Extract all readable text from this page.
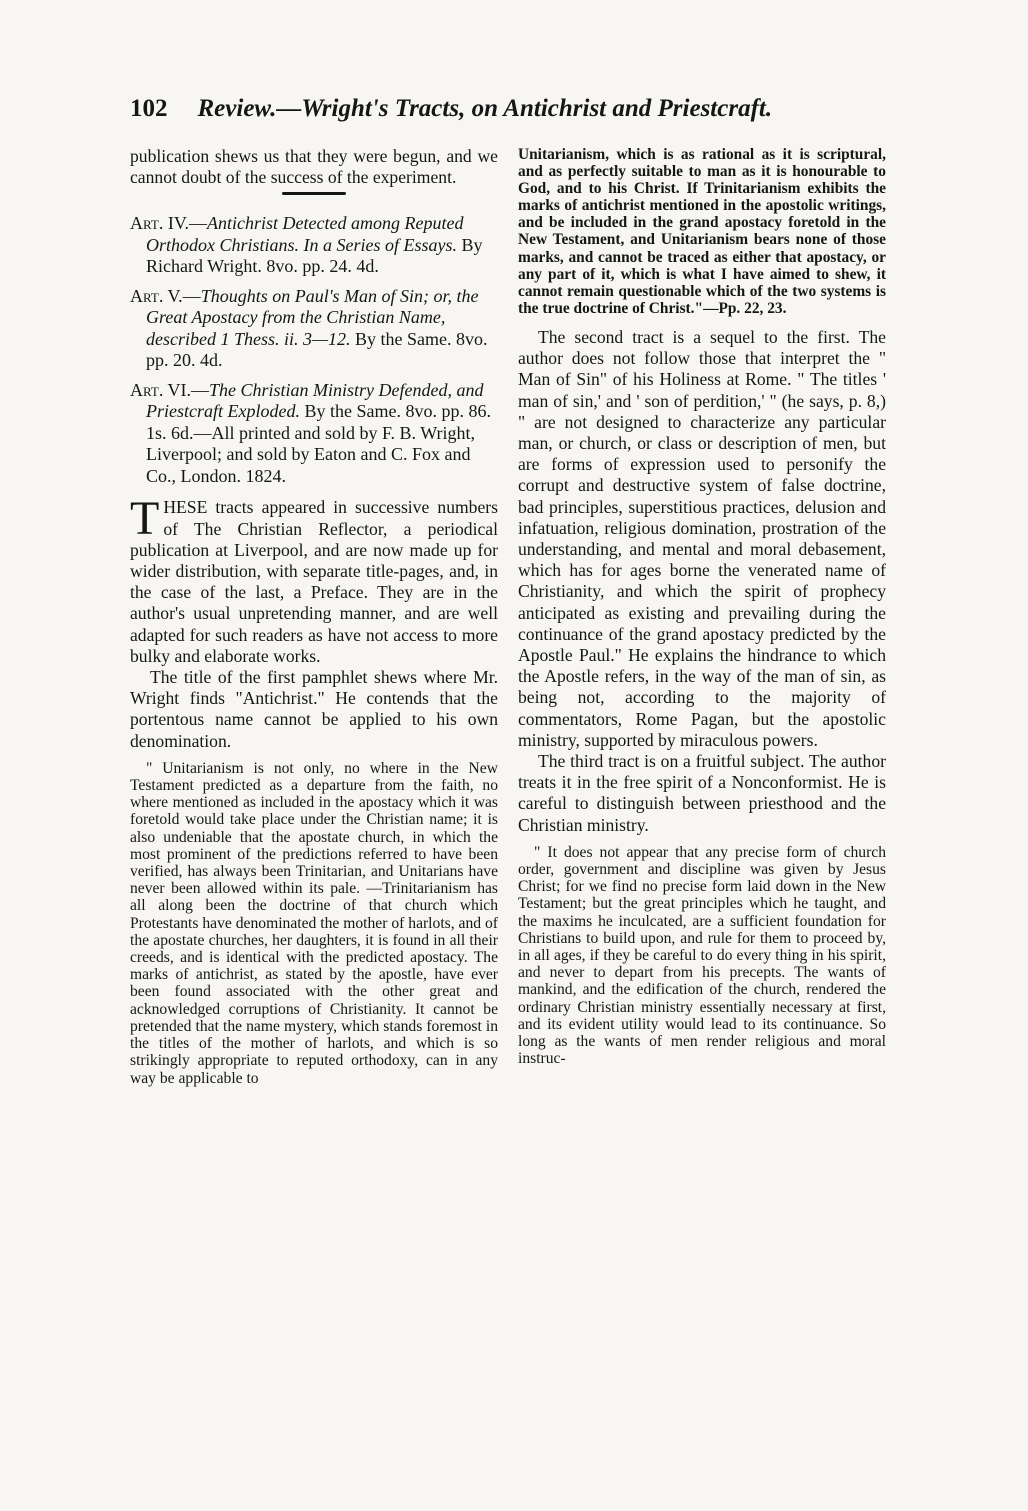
102 Review.—Wright's Tracts, on Antichrist and Priestcraft.

publication shews us that they were begun, and we cannot doubt of the success of the experiment.

Art. IV.—Antichrist Detected among Reputed Orthodox Christians. In a Series of Essays. By Richard Wright. 8vo. pp. 24. 4d.

Art. V.—Thoughts on Paul's Man of Sin; or, the Great Apostacy from the Christian Name, described 1 Thess. ii. 3—12. By the Same. 8vo. pp. 20. 4d.

Art. VI.—The Christian Ministry Defended, and Priestcraft Exploded. By the Same. 8vo. pp. 86. 1s. 6d.—All printed and sold by F. B. Wright, Liverpool; and sold by Eaton and C. Fox and Co., London. 1824.

THESE tracts appeared in successive numbers of The Christian Reflector, a periodical publication at Liverpool, and are now made up for wider distribution, with separate title-pages, and, in the case of the last, a Preface. They are in the author's usual unpretending manner, and are well adapted for such readers as have not access to more bulky and elaborate works.

The title of the first pamphlet shews where Mr. Wright finds "Antichrist." He contends that the portentous name cannot be applied to his own denomination.

" Unitarianism is not only, no where in the New Testament predicted as a departure from the faith, no where mentioned as included in the apostacy which it was foretold would take place under the Christian name; it is also undeniable that the apostate church, in which the most prominent of the predictions referred to have been verified, has always been Trinitarian, and Unitarians have never been allowed within its pale. —Trinitarianism has all along been the doctrine of that church which Protestants have denominated the mother of harlots, and of the apostate churches, her daughters, it is found in all their creeds, and is identical with the predicted apostacy. The marks of antichrist, as stated by the apostle, have ever been found associated with the other great and acknowledged corruptions of Christianity. It cannot be pretended that the name mystery, which stands foremost in the titles of the mother of harlots, and which is so strikingly appropriate to reputed orthodoxy, can in any way be applicable to

Unitarianism, which is as rational as it is scriptural, and as perfectly suitable to man as it is honourable to God, and to his Christ. If Trinitarianism exhibits the marks of antichrist mentioned in the apostolic writings, and be included in the grand apostacy foretold in the New Testament, and Unitarianism bears none of those marks, and cannot be traced as either that apostacy, or any part of it, which is what I have aimed to shew, it cannot remain questionable which of the two systems is the true doctrine of Christ."—Pp. 22, 23.

The second tract is a sequel to the first. The author does not follow those that interpret the " Man of Sin" of his Holiness at Rome. " The titles ' man of sin,' and ' son of perdition,' " (he says, p. 8,) " are not designed to characterize any particular man, or church, or class or description of men, but are forms of expression used to personify the corrupt and destructive system of false doctrine, bad principles, superstitious practices, delusion and infatuation, religious domination, prostration of the understanding, and mental and moral debasement, which has for ages borne the venerated name of Christianity, and which the spirit of prophecy anticipated as existing and prevailing during the continuance of the grand apostacy predicted by the Apostle Paul." He explains the hindrance to which the Apostle refers, in the way of the man of sin, as being not, according to the majority of commentators, Rome Pagan, but the apostolic ministry, supported by miraculous powers.

The third tract is on a fruitful subject. The author treats it in the free spirit of a Nonconformist. He is careful to distinguish between priesthood and the Christian ministry.

" It does not appear that any precise form of church order, government and discipline was given by Jesus Christ; for we find no precise form laid down in the New Testament; but the great principles which he taught, and the maxims he inculcated, are a sufficient foundation for Christians to build upon, and rule for them to proceed by, in all ages, if they be careful to do every thing in his spirit, and never to depart from his precepts. The wants of mankind, and the edification of the church, rendered the ordinary Christian ministry essentially necessary at first, and its evident utility would lead to its continuance. So long as the wants of men render religious and moral instruc-
